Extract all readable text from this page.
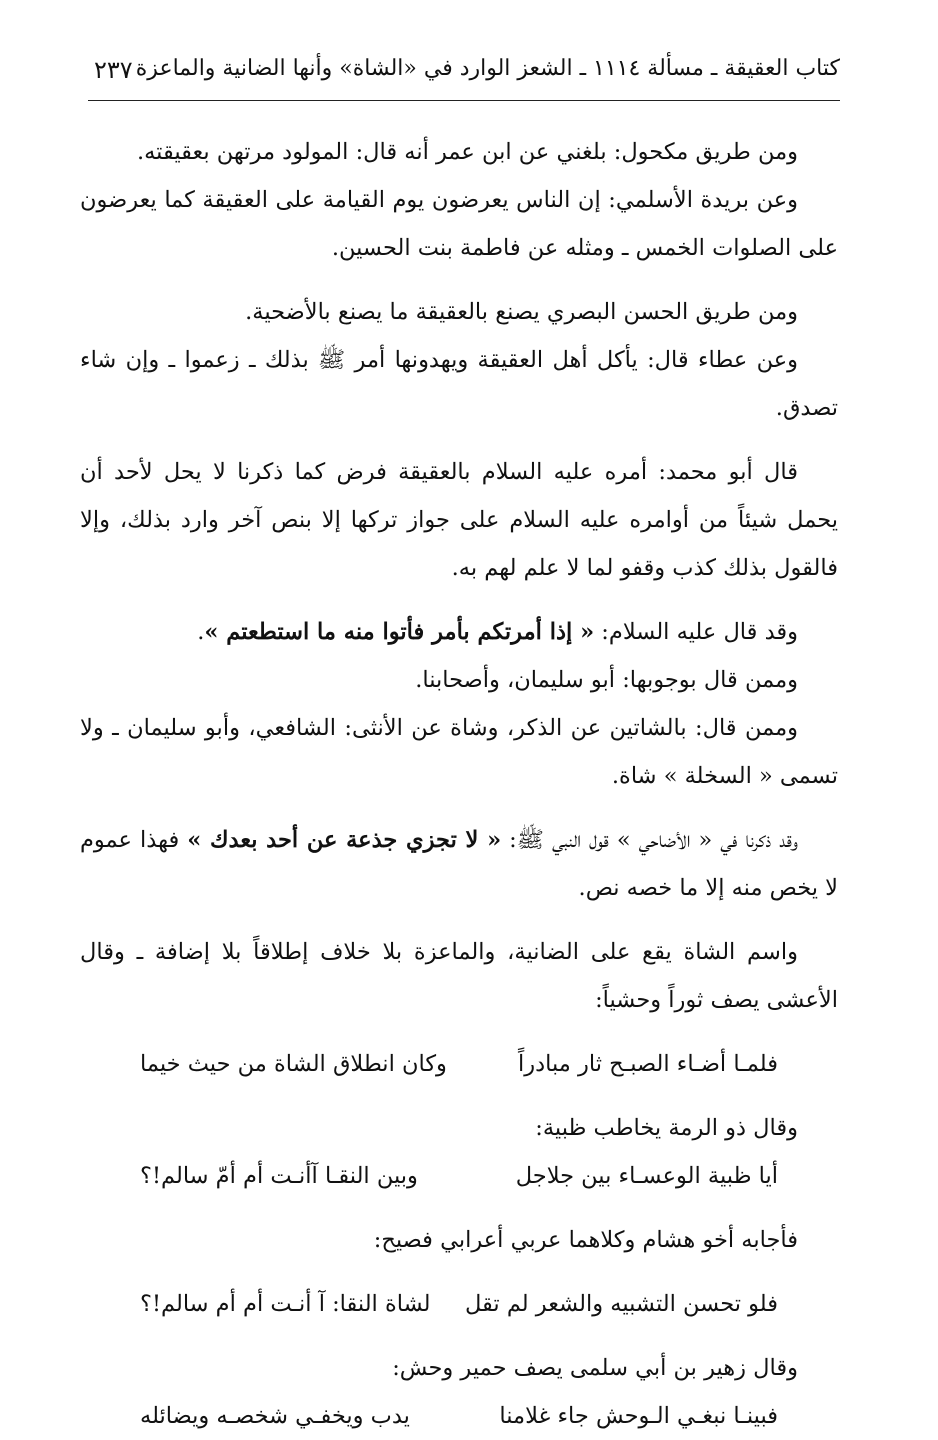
كتاب العقيقة ـ مسألة ١١١٤ ـ الشعز الوارد في «الشاة» وأنها الضانية والماعزة
٢٣٧

ومن طريق مكحول: بلغني عن ابن عمر أنه قال: المولود مرتهن بعقيقته.

وعن بريدة الأسلمي: إن الناس يعرضون يوم القيامة على العقيقة كما يعرضون على الصلوات الخمس ـ ومثله عن فاطمة بنت الحسين.

ومن طريق الحسن البصري يصنع بالعقيقة ما يصنع بالأضحية.

وعن عطاء قال: يأكل أهل العقيقة ويهدونها أمر ﷺ بذلك ـ زعموا ـ وإن شاء تصدق.

قال أبو محمد: أمره عليه السلام بالعقيقة فرض كما ذكرنا لا يحل لأحد أن يحمل شيئاً من أوامره عليه السلام على جواز تركها إلا بنص آخر وارد بذلك، وإلا فالقول بذلك كذب وقفو لما لا علم لهم به.

وقد قال عليه السلام: « إذا أمرتكم بأمر فأتوا منه ما استطعتم ».

وممن قال بوجوبها: أبو سليمان، وأصحابنا.

وممن قال: بالشاتين عن الذكر، وشاة عن الأنثى: الشافعي، وأبو سليمان ـ ولا تسمى « السخلة » شاة.

وقد ذكرنا في « الأضاحي » قول النبي ﷺ: « لا تجزي جذعة عن أحد بعدك » فهذا عموم لا يخص منه إلا ما خصه نص.

واسم الشاة يقع على الضانية، والماعزة بلا خلاف إطلاقاً بلا إضافة ـ وقال الأعشى يصف ثوراً وحشياً:

فلمـا أضـاء الصبـح ثار مبادراً
وكان انطلاق الشاة من حيث خيما

وقال ذو الرمة يخاطب ظبية:

أيا ظبية الوعسـاء بين جلاجل
وبين النقـا آأنـت أم أمّ سالم!؟

فأجابه أخو هشام وكلاهما عربي أعرابي فصيح:

فلو تحسن التشبيه والشعر لم تقل
لشاة النقا: آ أنـت أم أم سالم!؟

وقال زهير بن أبي سلمى يصف حمير وحش:

فبينـا نبغـي الـوحش جاء غلامنا
يدب ويخفـي شخصـه ويضائله
